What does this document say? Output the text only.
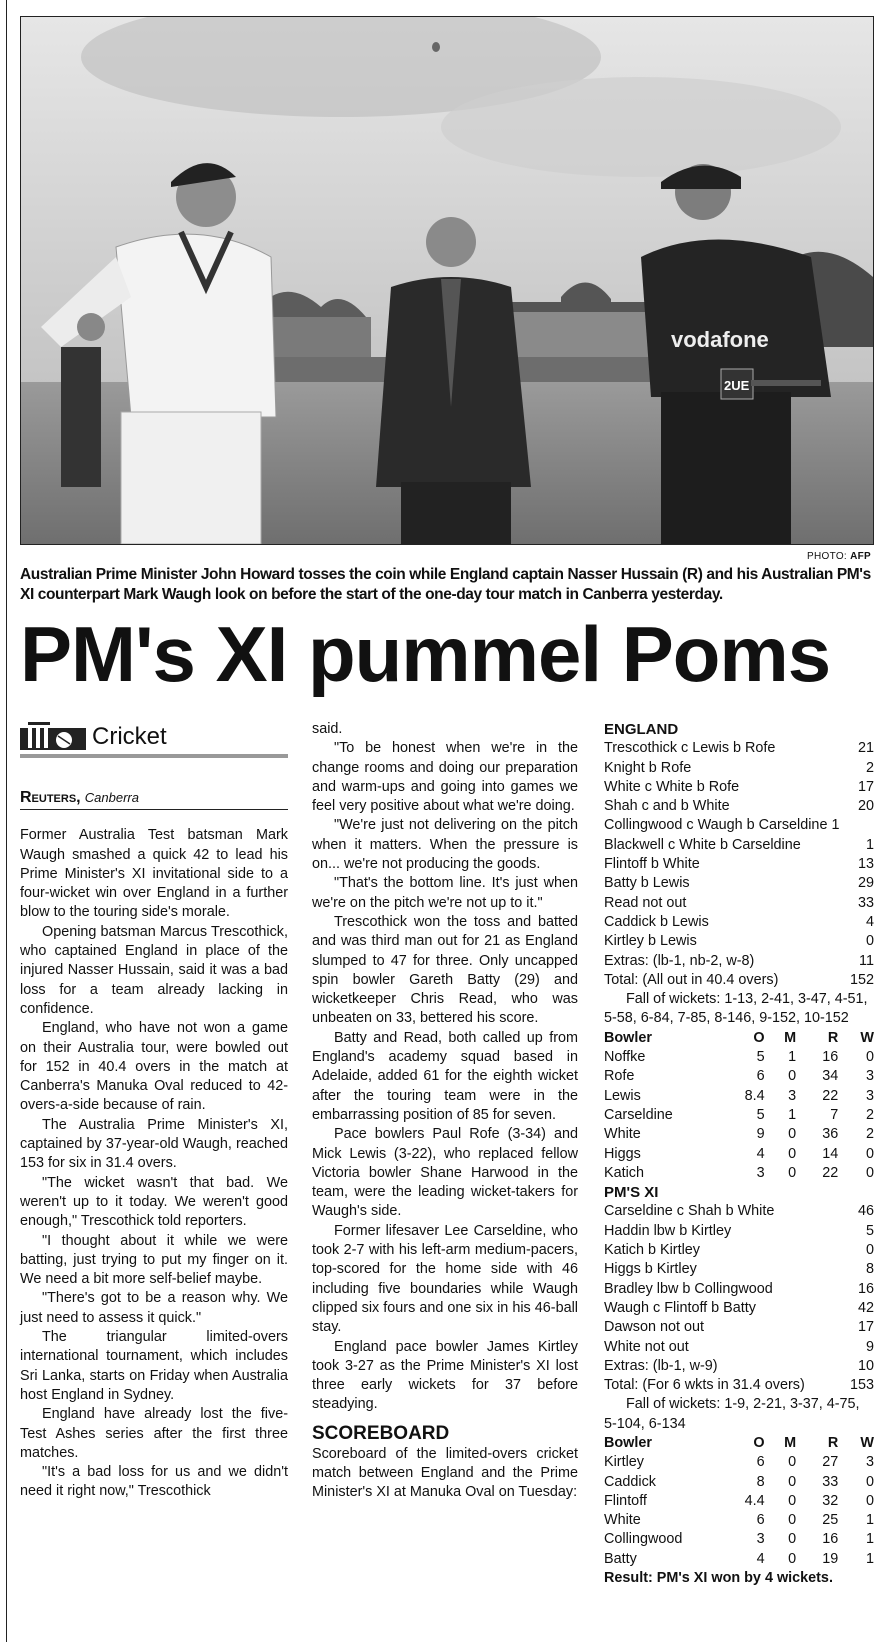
vodafone
2UE
PHOTO: AFP
Australian Prime Minister John Howard tosses the coin while England captain Nasser Hussain (R) and his Australian PM's XI counterpart Mark Waugh look on before the start of the one-day tour match in Canberra yesterday.
PM's XI pummel Poms
Cricket
Reuters, Canberra

Former Australia Test batsman Mark Waugh smashed a quick 42 to lead his Prime Minister's XI invitational side to a four-wicket win over England in a further blow to the touring side's morale.

Opening batsman Marcus Trescothick, who captained England in place of the injured Nasser Hussain, said it was a bad loss for a team already lacking in confidence.

England, who have not won a game on their Australia tour, were bowled out for 152 in 40.4 overs in the match at Canberra's Manuka Oval reduced to 42-overs-a-side because of rain.

The Australia Prime Minister's XI, captained by 37-year-old Waugh, reached 153 for six in 31.4 overs.

"The wicket wasn't that bad. We weren't up to it today. We weren't good enough," Trescothick told reporters.

"I thought about it while we were batting, just trying to put my finger on it. We need a bit more self-belief maybe.

"There's got to be a reason why. We just need to assess it quick."

The triangular limited-overs international tournament, which includes Sri Lanka, starts on Friday when Australia host England in Sydney.

England have already lost the five-Test Ashes series after the first three matches.

"It's a bad loss for us and we didn't need it right now," Trescothick

said.

"To be honest when we're in the change rooms and doing our preparation and warm-ups and going into games we feel very positive about what we're doing.

"We're just not delivering on the pitch when it matters. When the pressure is on... we're not producing the goods.

"That's the bottom line. It's just when we're on the pitch we're not up to it."

Trescothick won the toss and batted and was third man out for 21 as England slumped to 47 for three. Only uncapped spin bowler Gareth Batty (29) and wicketkeeper Chris Read, who was unbeaten on 33, bettered his score.

Batty and Read, both called up from England's academy squad based in Adelaide, added 61 for the eighth wicket after the touring team were in the embarrassing position of 85 for seven.

Pace bowlers Paul Rofe (3-34) and Mick Lewis (3-22), who replaced fellow Victoria bowler Shane Harwood in the team, were the leading wicket-takers for Waugh's side.

Former lifesaver Lee Carseldine, who took 2-7 with his left-arm medium-pacers, top-scored for the home side with 46 including five boundaries while Waugh clipped six fours and one six in his 46-ball stay.

England pace bowler James Kirtley took 3-27 as the Prime Minister's XI lost three early wickets for 37 before steadying.

SCOREBOARD

Scoreboard of the limited-overs cricket match between England and the Prime Minister's XI at Manuka Oval on Tuesday:

ENGLAND
Trescothick c Lewis b Rofe	21
Knight b Rofe	2
White c White b Rofe	17
Shah c and b White	20
Collingwood c Waugh b Carseldine 1
Blackwell c White b Carseldine	1
Flintoff b White	13
Batty b Lewis	29
Read not out	33
Caddick b Lewis	4
Kirtley b Lewis	0
Extras: (lb-1, nb-2, w-8)	11
Total: (All out in 40.4 overs)	152
Fall of wickets: 1-13, 2-41, 3-47, 4-51, 5-58, 6-84, 7-85, 8-146, 9-152, 10-152
Bowler	O	M	R	W
Noffke	5	1	16	0
Rofe	6	0	34	3
Lewis	8.4	3	22	3
Carseldine	5	1	7	2
White	9	0	36	2
Higgs	4	0	14	0
Katich	3	0	22	0
PM'S XI
Carseldine c Shah b White	46
Haddin lbw b Kirtley	5
Katich b Kirtley	0
Higgs b Kirtley	8
Bradley lbw b Collingwood	16
Waugh c Flintoff b Batty	42
Dawson not out	17
White not out	9
Extras: (lb-1, w-9)	10
Total: (For 6 wkts in 31.4 overs)	153
Fall of wickets: 1-9, 2-21, 3-37, 4-75, 5-104, 6-134
Bowler	O	M	R	W
Kirtley	6	0	27	3
Caddick	8	0	33	0
Flintoff	4.4	0	32	0
White	6	0	25	1
Collingwood	3	0	16	1
Batty	4	0	19	1
Result: PM's XI won by 4 wickets.
